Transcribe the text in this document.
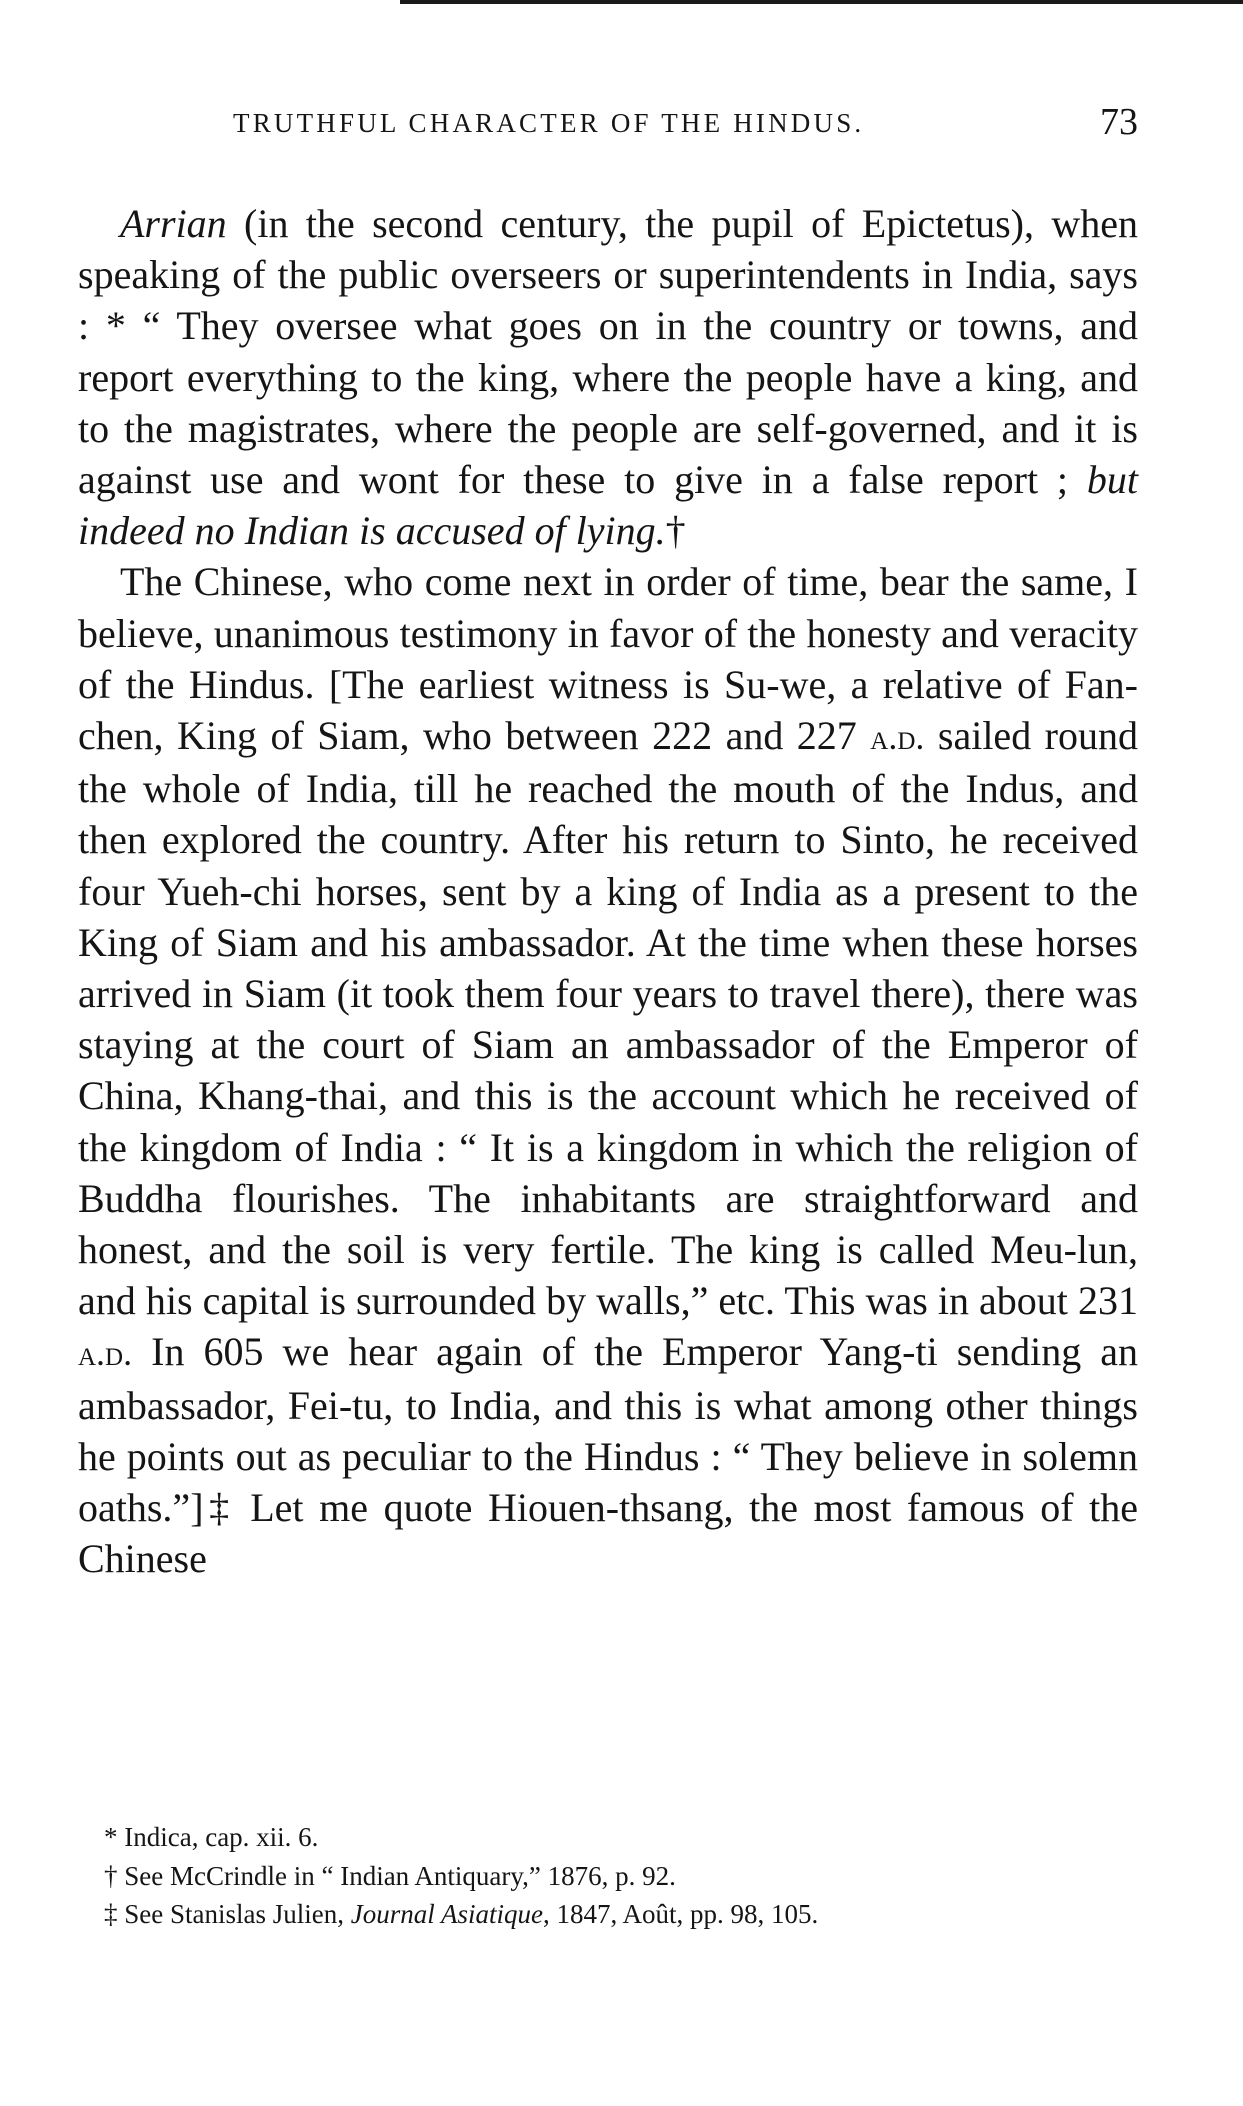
TRUTHFUL CHARACTER OF THE HINDUS.	73

Arrian (in the second century, the pupil of Epictetus), when speaking of the public overseers or superintendents in India, says : * “ They oversee what goes on in the country or towns, and report everything to the king, where the people have a king, and to the magistrates, where the people are self-governed, and it is against use and wont for these to give in a false report ; but indeed no Indian is accused of lying.†

The Chinese, who come next in order of time, bear the same, I believe, unanimous testimony in favor of the honesty and veracity of the Hindus. [The earliest witness is Su-we, a relative of Fan-chen, King of Siam, who between 222 and 227 a.d. sailed round the whole of India, till he reached the mouth of the Indus, and then explored the country. After his return to Sinto, he received four Yueh-chi horses, sent by a king of India as a present to the King of Siam and his ambassador. At the time when these horses arrived in Siam (it took them four years to travel there), there was staying at the court of Siam an ambassador of the Emperor of China, Khang-thai, and this is the account which he received of the kingdom of India : “ It is a kingdom in which the religion of Buddha flourishes. The inhabitants are straightforward and honest, and the soil is very fertile. The king is called Meu-lun, and his capital is surrounded by walls,” etc. This was in about 231 a.d. In 605 we hear again of the Emperor Yang-ti sending an ambassador, Fei-tu, to India, and this is what among other things he points out as peculiar to the Hindus : “ They believe in solemn oaths.”]‡ Let me quote Hiouen-thsang, the most famous of the Chinese

* Indica, cap. xii. 6.
† See McCrindle in “ Indian Antiquary,” 1876, p. 92.
‡ See Stanislas Julien, Journal Asiatique, 1847, Août, pp. 98, 105.
